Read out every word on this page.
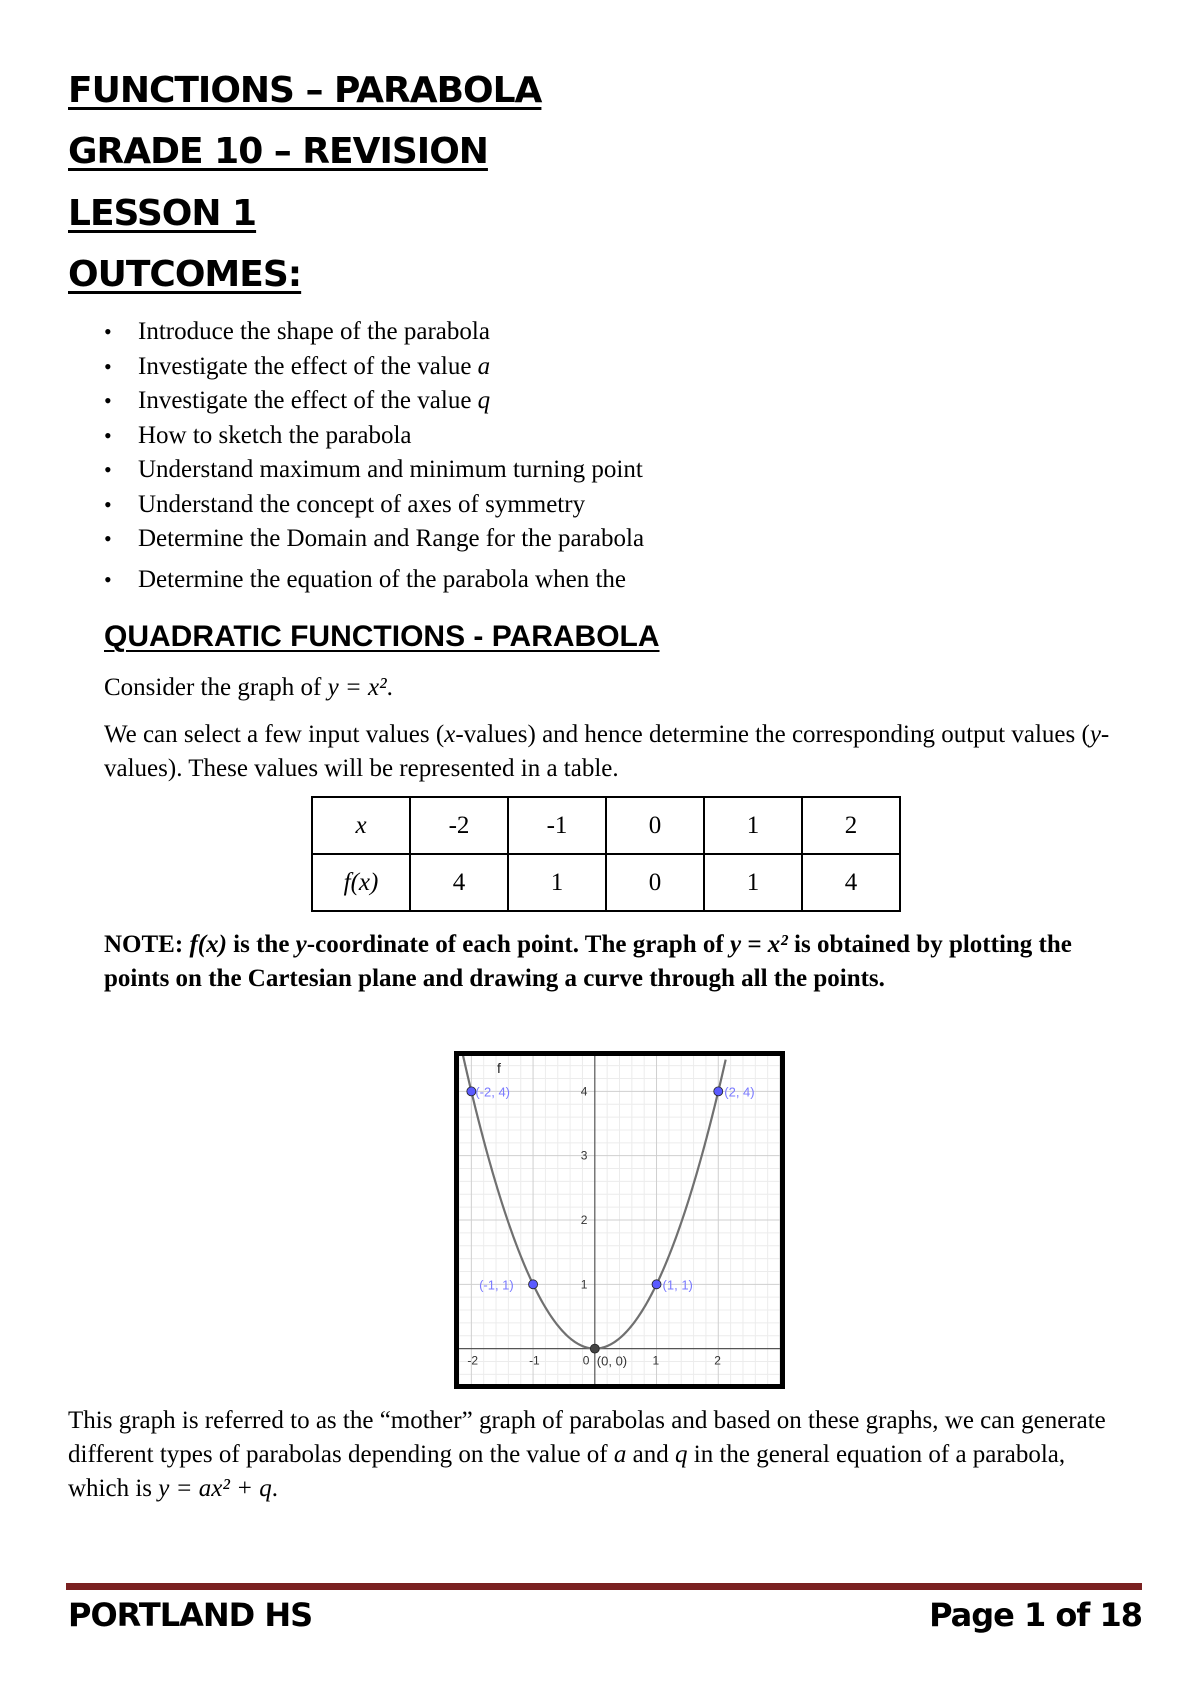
FUNCTIONS – PARABOLA
GRADE 10 – REVISION
LESSON 1
OUTCOMES:
• Introduce the shape of the parabola
• Investigate the effect of the value a
• Investigate the effect of the value q
• How to sketch the parabola
• Understand maximum and minimum turning point
• Understand the concept of axes of symmetry
• Determine the Domain and Range for the parabola
• Determine the equation of the parabola when the
QUADRATIC FUNCTIONS - PARABOLA
Consider the graph of y = x².
We can select a few input values (x-values) and hence determine the corresponding output values (y-values). These values will be represented in a table.
x	-2	-1	0	1	2
f(x)	4	1	0	1	4
NOTE: f(x) is the y-coordinate of each point. The graph of y = x² is obtained by plotting the points on the Cartesian plane and drawing a curve through all the points.
-2	-1	0	1	2
1
2
3
4
(-2, 4)
(-1, 1)
(0, 0)
(1, 1)
(2, 4)
f
This graph is referred to as the “mother” graph of parabolas and based on these graphs, we can generate different types of parabolas depending on the value of a and q in the general equation of a parabola, which is y = ax² + q.
PORTLAND HS	Page 1 of 18
